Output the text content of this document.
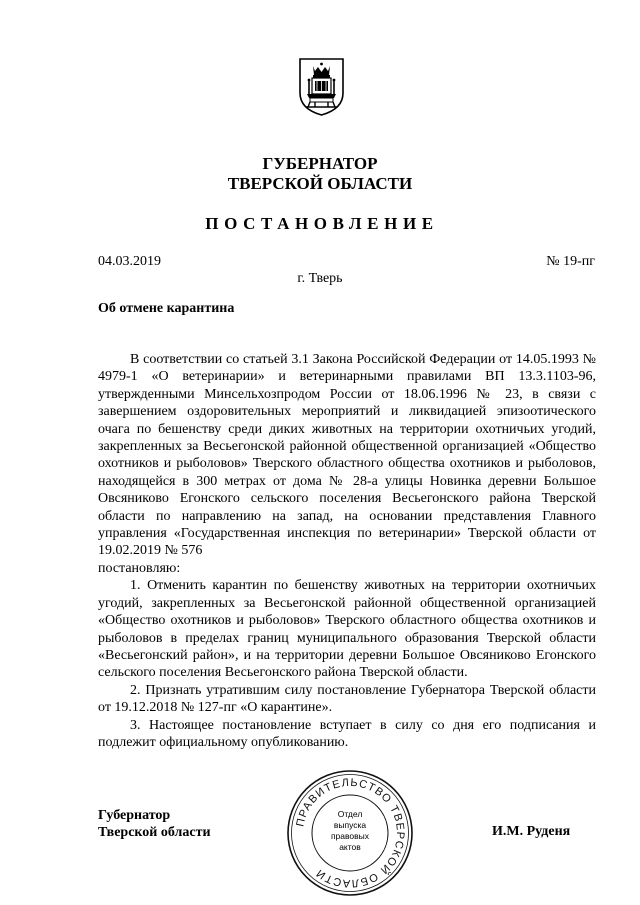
ГУБЕРНАТОР
ТВЕРСКОЙ ОБЛАСТИ
ПОСТАНОВЛЕНИЕ
04.03.2019	№ 19-пг
г. Тверь
Об отмене карантина

В соответствии со статьей 3.1 Закона Российской Федерации от 14.05.1993 № 4979-1 «О ветеринарии» и ветеринарными правилами ВП 13.3.1103-96, утвержденными Минсельхозпродом России от 18.06.1996 № 23, в связи с завершением оздоровительных мероприятий и ликвидацией эпизоотического очага по бешенству среди диких животных на территории охотничьих угодий, закрепленных за Весьегонской районной общественной организацией «Общество охотников и рыболовов» Тверского областного общества охотников и рыболовов, находящейся в 300 метрах от дома № 28-а улицы Новинка деревни Большое Овсяниково Егонского сельского поселения Весьегонского района Тверской области по направлению на запад, на основании представления Главного управления «Государственная инспекция по ветеринарии» Тверской области от 19.02.2019 № 576

постановляю:

1. Отменить карантин по бешенству животных на территории охотничьих угодий, закрепленных за Весьегонской районной общественной организацией «Общество охотников и рыболовов» Тверского областного общества охотников и рыболовов в пределах границ муниципального образования Тверской области «Весьегонский район», и на территории деревни Большое Овсяниково Егонского сельского поселения Весьегонского района Тверской области.

2. Признать утратившим силу постановление Губернатора Тверской области от 19.12.2018 № 127-пг «О карантине».

3. Настоящее постановление вступает в силу со дня его подписания и подлежит официальному опубликованию.

Губернатор
Тверской области	И.М. Руденя
ПРАВИТЕЛЬСТВО ТВЕРСКОЙ ОБЛАСТИ
Отдел
выпуска
правовых
актов
